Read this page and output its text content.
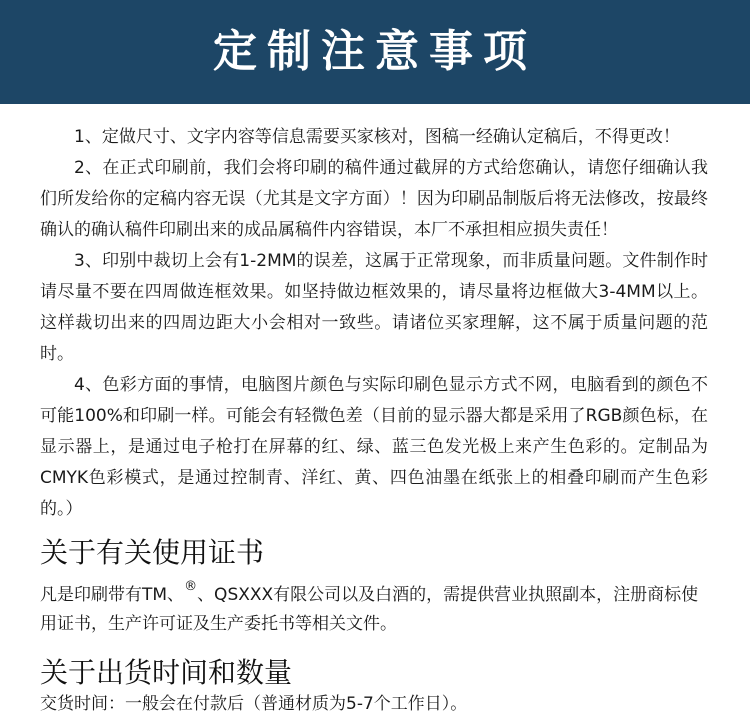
定制注意事项

1、定做尺寸、文字内容等信息需要买家核对，图稿一经确认定稿后，不得更改！

2、在正式印刷前，我们会将印刷的稿件通过截屏的方式给您确认，请您仔细确认我们所发给你的定稿内容无误（尤其是文字方面）！因为印刷品制版后将无法修改，按最终确认的确认稿件印刷出来的成品属稿件内容错误，本厂不承担相应损失责任！

3、印别中裁切上会有1-2MM的误差，这属于正常现象，而非质量问题。文件制作时请尽量不要在四周做连框效果。如坚持做边框效果的，请尽量将边框做大3-4MM以上。这样裁切出来的四周边距大小会相对一致些。请诸位买家理解，这不属于质量问题的范时。

4、色彩方面的事情，电脑图片颜色与实际印刷色显示方式不网，电脑看到的颜色不可能100%和印刷一样。可能会有轻微色差（目前的显示器大都是采用了RGB颜色标，在显示器上，是通过电子枪打在屏幕的红、绿、蓝三色发光极上来产生色彩的。定制品为CMYK色彩模式，是通过控制青、洋红、黄、四色油墨在纸张上的相叠印刷而产生色彩的。）

关于有关使用证书
凡是印刷带有TM、®、QSXXX有限公司以及白酒的，需提供营业执照副本，注册商标使用证书，生产许可证及生产委托书等相关文件。
关于出货时间和数量
交货时间：一般会在付款后（普通材质为5-7个工作日）。
